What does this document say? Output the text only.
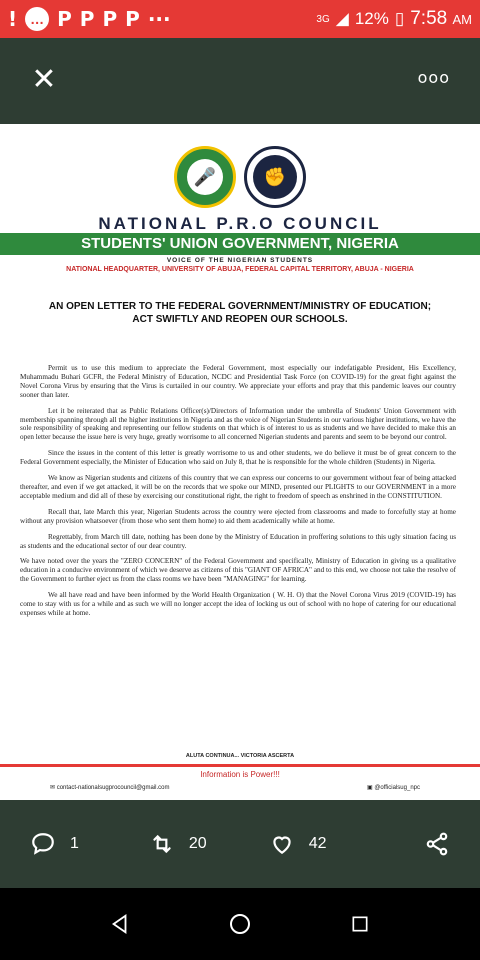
! … P P P P ···	3G ◢ 12% ▯ 7:58 AM
✕	ooo
🎤	✊
NATIONAL P.R.O COUNCIL
STUDENTS' UNION GOVERNMENT, NIGERIA
VOICE OF THE NIGERIAN STUDENTS
NATIONAL HEADQUARTER, UNIVERSITY OF ABUJA, FEDERAL CAPITAL TERRITORY, ABUJA - NIGERIA
AN OPEN LETTER TO THE FEDERAL GOVERNMENT/MINISTRY OF EDUCATION;
ACT SWIFTLY AND REOPEN OUR SCHOOLS.

Permit us to use this medium to appreciate the Federal Government, most especially our indefatigable President, His Excellency, Muhammadu Buhari GCFR, the Federal Ministry of Education, NCDC and Presidential Task Force (on COVID-19) for the great fight against the Novel Corona Virus by ensuring that the Virus is curtailed in our country. We appreciate your efforts and pray that this pandemic leaves our country sooner than later.

Let it be reiterated that as Public Relations Officer(s)/Directors of Information under the umbrella of Students' Union Government with membership spanning through all the higher institutions in Nigeria and as the voice of Nigerian Students in our various higher institutions, we have the sole responsibility of speaking and representing our fellow students on that which is of interest to us as students and we have decided to make this an open letter because the issue here is very huge, greatly worrisome to all concerned Nigerian students and parents and seem to be beyond our control.

Since the issues in the content of this letter is greatly worrisome to us and other students, we do believe it must be of great concern to the Federal Government especially, the Minister of Education who said on July 8, that he is responsible for the whole children (Students) in Nigeria.

We know as Nigerian students and citizens of this country that we can express our concerns to our government without fear of being attacked thereafter, and even if we get attacked, it will be on the records that we spoke our MIND, presented our PLIGHTS to our GOVERNMENT in a more acceptable medium and did all of these by exercising our constitutional right, the right to freedom of speech as enshrined in the CONSTITUTION.

Recall that, late March this year, Nigerian Students across the country were ejected from classrooms and made to forcefully stay at home without any provision whatsoever (from those who sent them home) to aid them academically while at home.

Regrettably, from March till date, nothing has been done by the Ministry of Education in proffering solutions to this ugly situation facing us as students and the educational sector of our dear country.

We have noted over the years the "ZERO CONCERN" of the Federal Government and specifically, Ministry of Education in giving us a qualitative education in a conducive environment of which we deserve as citizens of this "GIANT OF AFRICA" and to this end, we choose not take the resolve of the Government to further eject us from the class rooms we have been "MANAGING" for learning.

We all have read and have been informed by the World Health Organization ( W. H. O) that the Novel Corona Virus 2019 (COVID-19) has come to stay with us for a while and as such we will no longer accept the idea of locking us out of school with no hope of catering for our educational expenses while at home.

ALUTA CONTINUA... VICTORIA ASCERTA
Information is Power!!!
✉ contact-nationalsugprocouncil@gmail.com	▣ @officialsug_npc
1	20	42
